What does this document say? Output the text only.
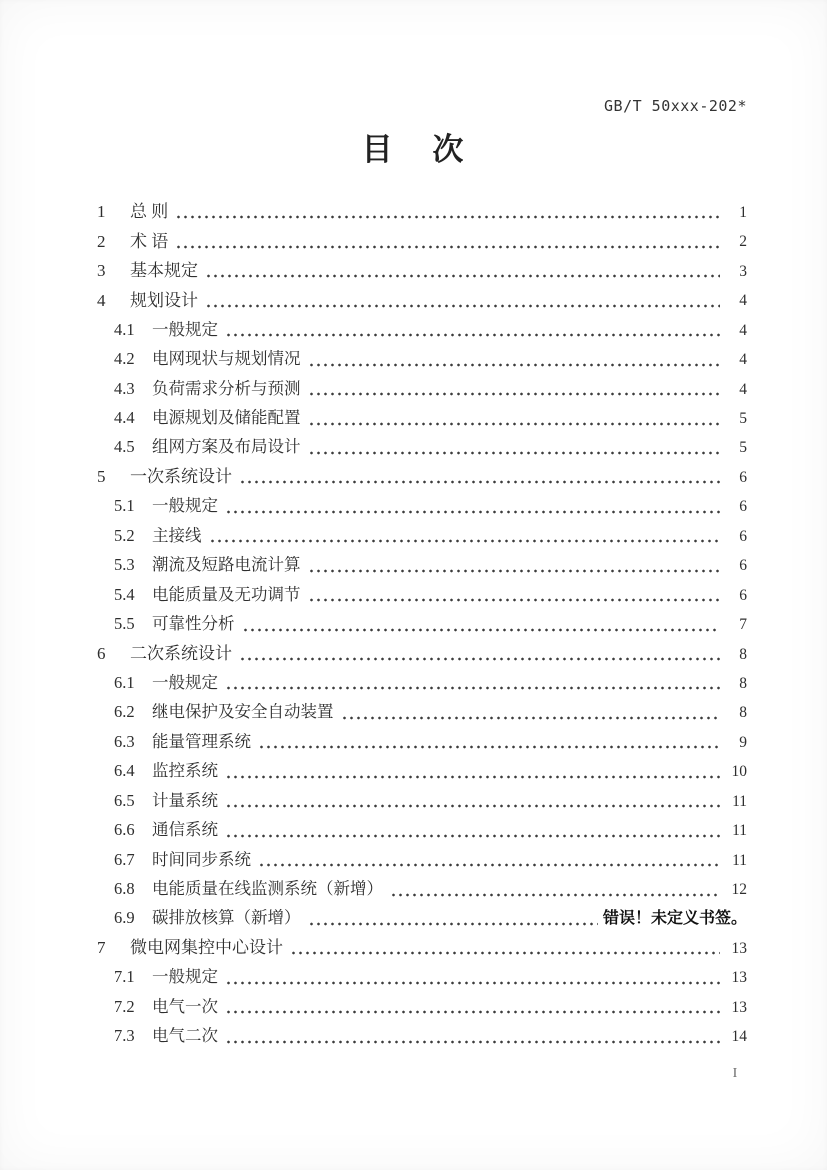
GB/T 50xxx-202*
目 次
1	总 则	1
2	术 语	2
3	基本规定	3
4	规划设计	4
4.1	一般规定	4
4.2	电网现状与规划情况	4
4.3	负荷需求分析与预测	4
4.4	电源规划及储能配置	5
4.5	组网方案及布局设计	5
5	一次系统设计	6
5.1	一般规定	6
5.2	主接线	6
5.3	潮流及短路电流计算	6
5.4	电能质量及无功调节	6
5.5	可靠性分析	7
6	二次系统设计	8
6.1	一般规定	8
6.2	继电保护及安全自动装置	8
6.3	能量管理系统	9
6.4	监控系统	10
6.5	计量系统	11
6.6	通信系统	11
6.7	时间同步系统	11
6.8	电能质量在线监测系统（新增）	12
6.9	碳排放核算（新增）	错误！未定义书签。
7	微电网集控中心设计	13
7.1	一般规定	13
7.2	电气一次	13
7.3	电气二次	14
I
